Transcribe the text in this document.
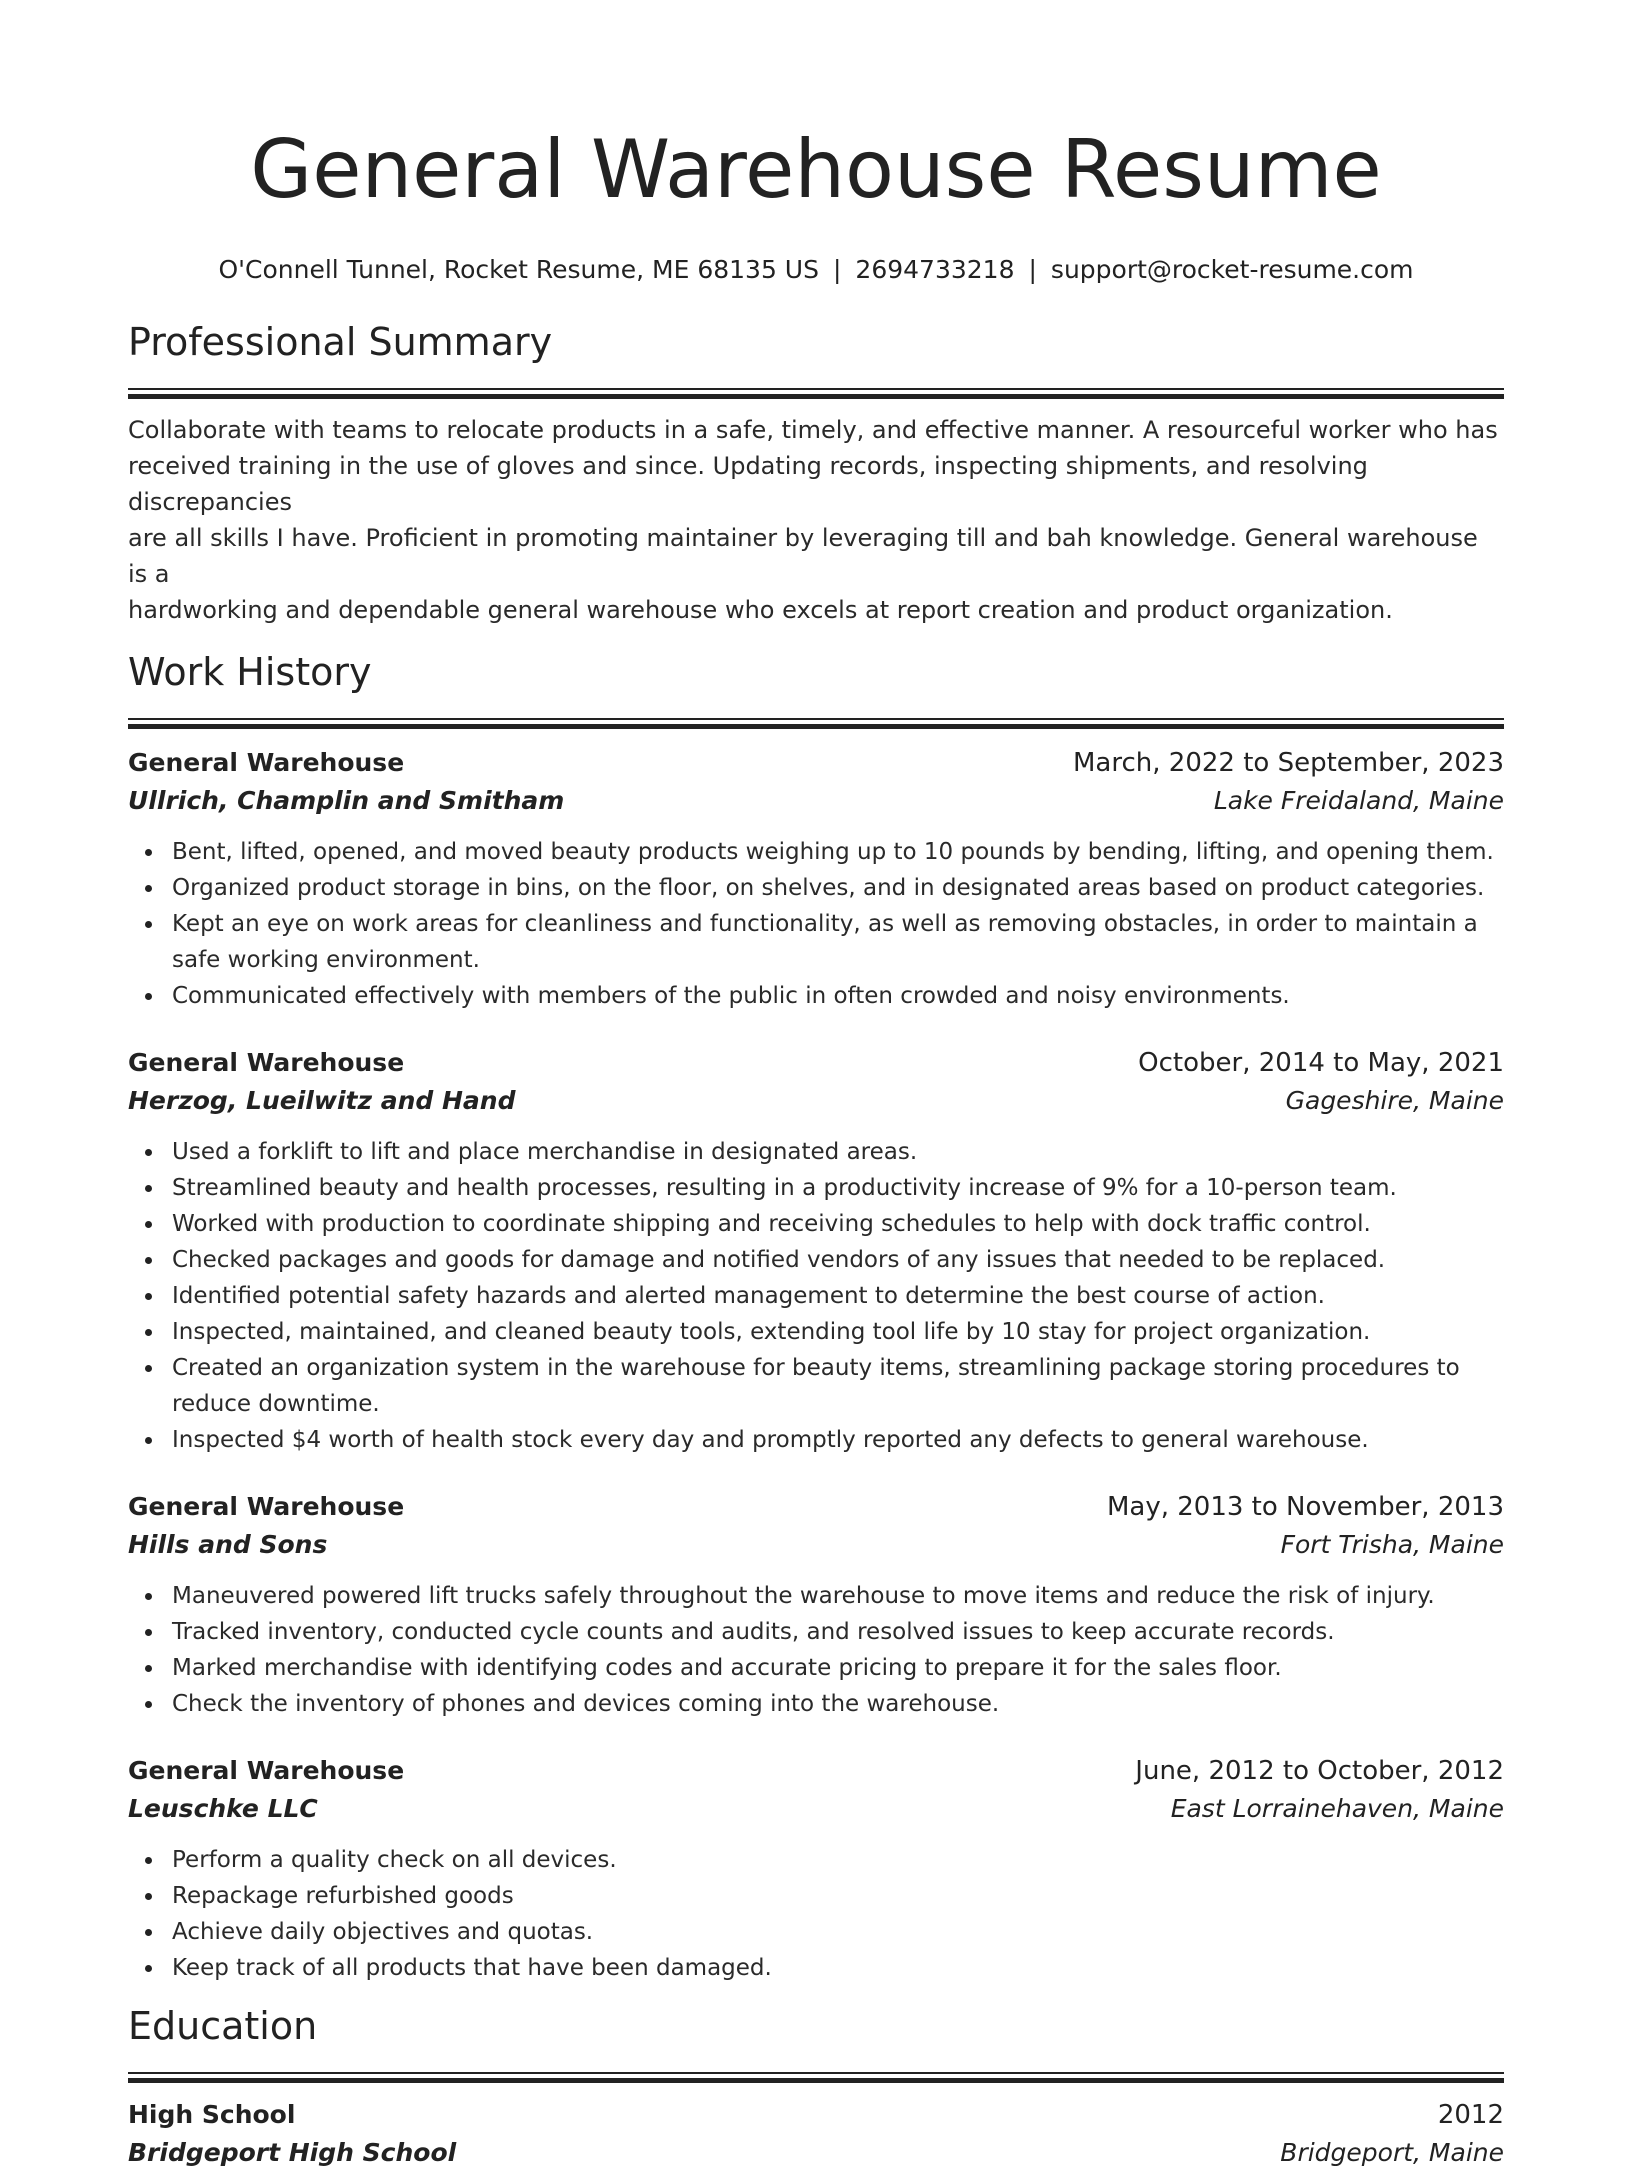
General Warehouse Resume
O'Connell Tunnel, Rocket Resume, ME 68135 US | 2694733218 | support@rocket-resume.com
Professional Summary

Collaborate with teams to relocate products in a safe, timely, and effective manner. A resourceful worker who has
received training in the use of gloves and since. Updating records, inspecting shipments, and resolving discrepancies
are all skills I have. Proficient in promoting maintainer by leveraging till and bah knowledge. General warehouse is a
hardworking and dependable general warehouse who excels at report creation and product organization.

Work History
General Warehouse	March, 2022 to September, 2023
Ullrich, Champlin and Smitham	Lake Freidaland, Maine
Bent, lifted, opened, and moved beauty products weighing up to 10 pounds by bending, lifting, and opening them.
Organized product storage in bins, on the floor, on shelves, and in designated areas based on product categories.
Kept an eye on work areas for cleanliness and functionality, as well as removing obstacles, in order to maintain a safe working environment.
Communicated effectively with members of the public in often crowded and noisy environments.
General Warehouse	October, 2014 to May, 2021
Herzog, Lueilwitz and Hand	Gageshire, Maine
Used a forklift to lift and place merchandise in designated areas.
Streamlined beauty and health processes, resulting in a productivity increase of 9% for a 10-person team.
Worked with production to coordinate shipping and receiving schedules to help with dock traffic control.
Checked packages and goods for damage and notified vendors of any issues that needed to be replaced.
Identified potential safety hazards and alerted management to determine the best course of action.
Inspected, maintained, and cleaned beauty tools, extending tool life by 10 stay for project organization.
Created an organization system in the warehouse for beauty items, streamlining package storing procedures to reduce downtime.
Inspected $4 worth of health stock every day and promptly reported any defects to general warehouse.
General Warehouse	May, 2013 to November, 2013
Hills and Sons	Fort Trisha, Maine
Maneuvered powered lift trucks safely throughout the warehouse to move items and reduce the risk of injury.
Tracked inventory, conducted cycle counts and audits, and resolved issues to keep accurate records.
Marked merchandise with identifying codes and accurate pricing to prepare it for the sales floor.
Check the inventory of phones and devices coming into the warehouse.
General Warehouse	June, 2012 to October, 2012
Leuschke LLC	East Lorrainehaven, Maine
Perform a quality check on all devices.
Repackage refurbished goods
Achieve daily objectives and quotas.
Keep track of all products that have been damaged.
Education
High School	2012
Bridgeport High School	Bridgeport, Maine
